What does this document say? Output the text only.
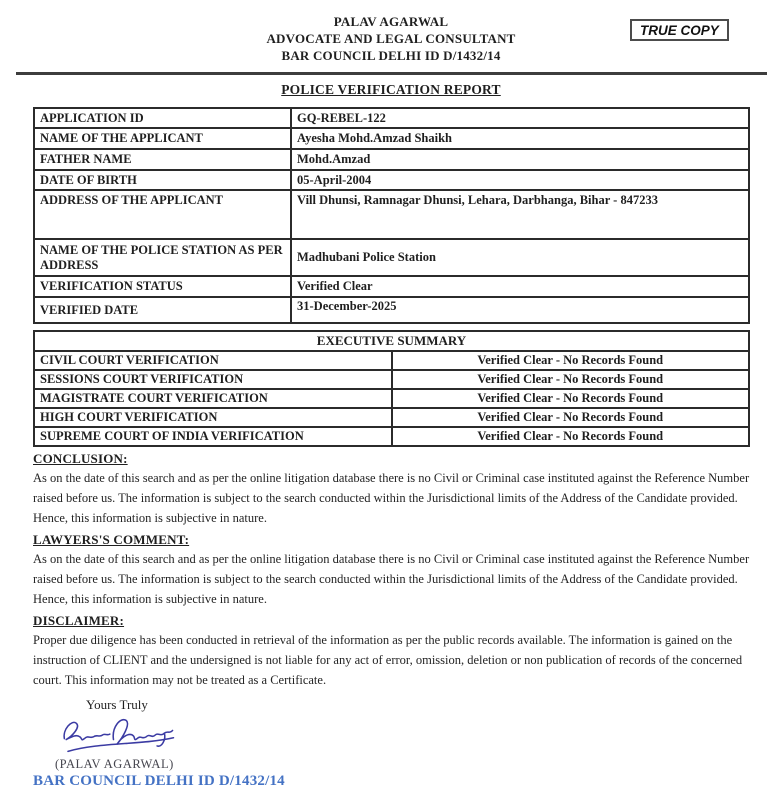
PALAV AGARWAL
ADVOCATE AND LEGAL CONSULTANT
BAR COUNCIL DELHI ID D/1432/14
TRUE COPY
POLICE VERIFICATION REPORT
APPLICATION ID	GQ-REBEL-122
NAME OF THE APPLICANT	Ayesha Mohd.Amzad Shaikh
FATHER NAME	Mohd.Amzad
DATE OF BIRTH	05-April-2004
ADDRESS OF THE APPLICANT	Vill Dhunsi, Ramnagar Dhunsi, Lehara, Darbhanga, Bihar - 847233
NAME OF THE POLICE STATION AS PER ADDRESS	Madhubani Police Station
VERIFICATION STATUS	Verified Clear
VERIFIED DATE	31-December-2025
EXECUTIVE SUMMARY	
CIVIL COURT VERIFICATION	Verified Clear - No Records Found
SESSIONS COURT VERIFICATION	Verified Clear - No Records Found
MAGISTRATE COURT VERIFICATION	Verified Clear - No Records Found
HIGH COURT VERIFICATION	Verified Clear - No Records Found
SUPREME COURT OF INDIA VERIFICATION	Verified Clear - No Records Found
CONCLUSION:
As on the date of this search and as per the online litigation database there is no Civil or Criminal case instituted against the Reference Number raised before us. The information is subject to the search conducted within the Jurisdictional limits of the Address of the Candidate provided. Hence, this information is subjective in nature.
LAWYERS'S COMMENT:
As on the date of this search and as per the online litigation database there is no Civil or Criminal case instituted against the Reference Number raised before us. The information is subject to the search conducted within the Jurisdictional limits of the Address of the Candidate provided. Hence, this information is subjective in nature.
DISCLAIMER:
Proper due diligence has been conducted in retrieval of the information as per the public records available. The information is gained on the instruction of CLIENT and the undersigned is not liable for any act of error, omission, deletion or non publication of records of the concerned court. This information may not be treated as a Certificate.
Yours Truly
(PALAV AGARWAL)
BAR COUNCIL DELHI ID D/1432/14
